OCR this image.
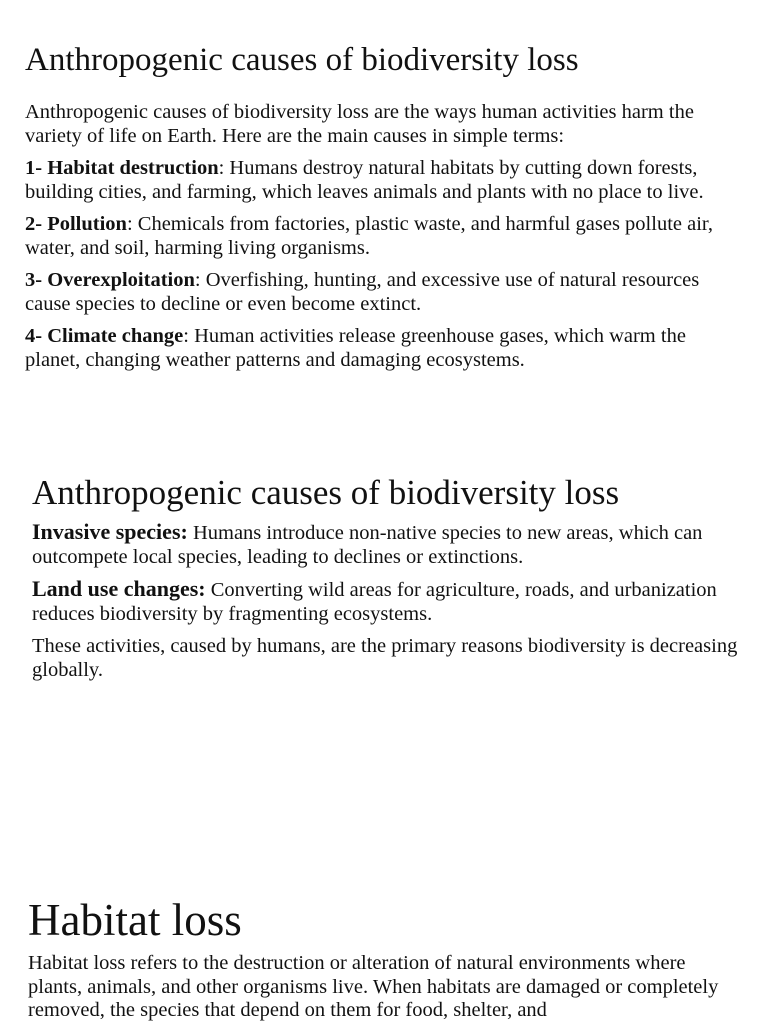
Anthropogenic causes of biodiversity loss

Anthropogenic causes of biodiversity loss are the ways human activities harm the variety of life on Earth. Here are the main causes in simple terms:

1- Habitat destruction: Humans destroy natural habitats by cutting down forests, building cities, and farming, which leaves animals and plants with no place to live.

2- Pollution: Chemicals from factories, plastic waste, and harmful gases pollute air, water, and soil, harming living organisms.

3- Overexploitation: Overfishing, hunting, and excessive use of natural resources cause species to decline or even become extinct.

4- Climate change: Human activities release greenhouse gases, which warm the planet, changing weather patterns and damaging ecosystems.

Anthropogenic causes of biodiversity loss

Invasive species: Humans introduce non-native species to new areas, which can outcompete local species, leading to declines or extinctions.

Land use changes: Converting wild areas for agriculture, roads, and urbanization reduces biodiversity by fragmenting ecosystems.

These activities, caused by humans, are the primary reasons biodiversity is decreasing globally.

Habitat loss

Habitat loss refers to the destruction or alteration of natural environments where plants, animals, and other organisms live. When habitats are damaged or completely removed, the species that depend on them for food, shelter, and
